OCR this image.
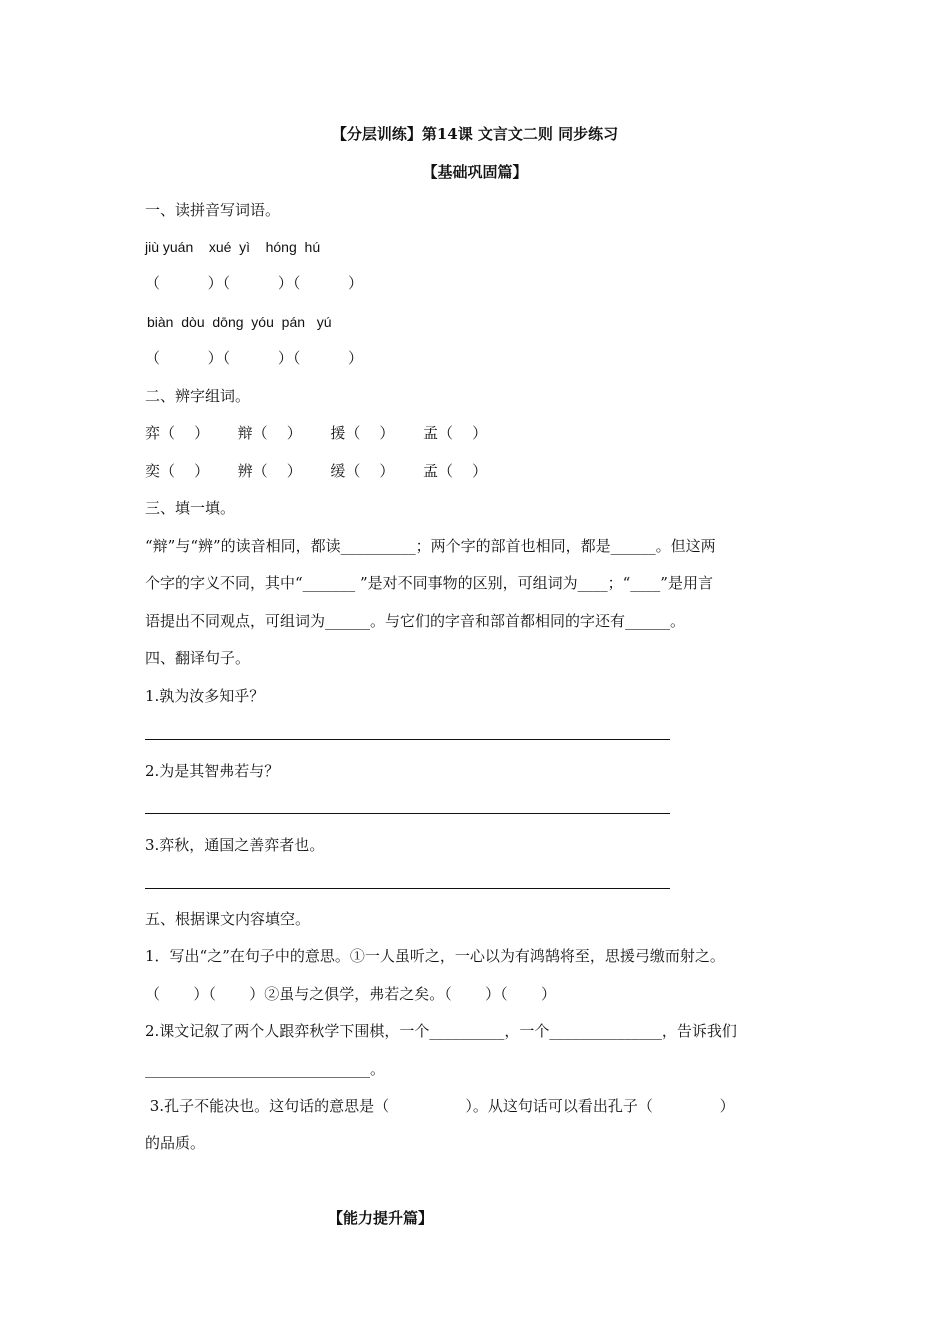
【分层训练】第14课 文言文二则 同步练习
【基础巩固篇】
一、读拼音写词语。
jiù yuán    xué  yì    hóng  hú
（          ）（          ）（          ）
biàn  dòu  dōng  yóu  pán   yú
（          ）（          ）（          ）
二、辨字组词。
弈（    ）      辩（    ）      援（    ）      孟（    ）
奕（    ）      辨（    ）      缓（    ）      孟（    ）
三、填一填。
“辩”与“辨”的读音相同，都读__________；两个字的部首也相同，都是______。但这两
个字的字义不同，其中“_______ ”是对不同事物的区别，可组词为____；“____”是用言
语提出不同观点，可组词为______。与它们的字音和部首都相同的字还有______。
四、翻译句子。
1.孰为汝多知乎？
2.为是其智弗若与？
3.弈秋，通国之善弈者也。
五、根据课文内容填空。
1．写出“之”在句子中的意思。①一人虽听之，一心以为有鸿鹄将至，思援弓缴而射之。
（       ）（       ）②虽与之俱学，弗若之矣。（       ）（       ）
2.课文记叙了两个人跟弈秋学下围棋，一个__________，一个_______________，告诉我们
______________________________。
3.孔子不能决也。这句话的意思是（                ）。从这句话可以看出孔子（              ）
的品质。
【能力提升篇】
